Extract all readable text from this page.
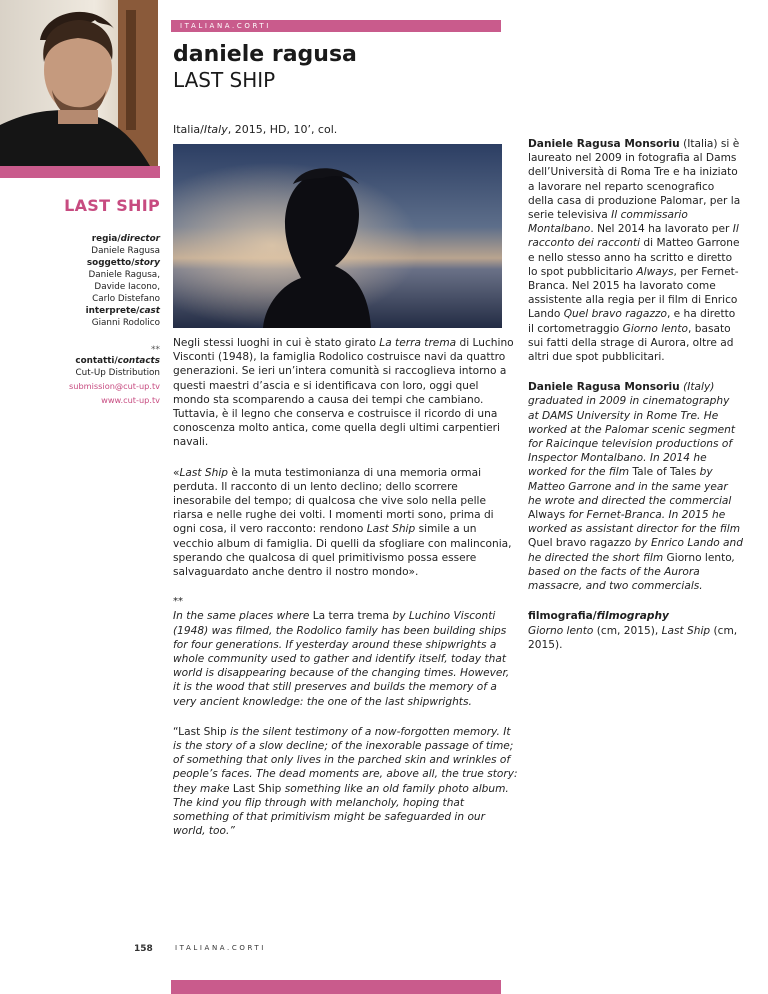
ITALIANA.CORTI
daniele ragusa
LAST SHIP
Italia/Italy, 2015, HD, 10’, col.
LAST SHIP
regia/director
Daniele Ragusa
soggetto/story
Daniele Ragusa,
Davide Iacono,
Carlo Distefano
interprete/cast
Gianni Rodolico
**
contatti/contacts
Cut-Up Distribution
submission@cut-up.tv
www.cut-up.tv

Negli stessi luoghi in cui è stato girato La terra trema di Luchino Visconti (1948), la famiglia Rodolico costruisce navi da quattro generazioni. Se ieri un’intera comunità si raccoglieva intorno a questi maestri d’ascia e si identificava con loro, oggi quel mondo sta scomparendo a causa dei tempi che cambiano. Tuttavia, è il legno che conserva e costruisce il ricordo di una conoscenza molto antica, come quella degli ultimi carpentieri navali.

«Last Ship è la muta testimonianza di una memoria ormai perduta. Il racconto di un lento declino; dello scorrere inesorabile del tempo; di qualcosa che vive solo nella pelle riarsa e nelle rughe dei volti. I momenti morti sono, prima di ogni cosa, il vero racconto: rendono Last Ship simile a un vecchio album di famiglia. Di quelli da sfogliare con malinconia, sperando che qualcosa di quel primitivismo possa essere salvaguardato anche dentro il nostro mondo».

**

In the same places where La terra trema by Luchino Visconti (1948) was filmed, the Rodolico family has been building ships for four generations. If yesterday around these shipwrights a whole community used to gather and identify itself, today that world is disappearing because of the changing times. However, it is the wood that still preserves and builds the memory of a very ancient knowledge: the one of the last shipwrights.

“Last Ship is the silent testimony of a now-forgotten memory. It is the story of a slow decline; of the inexorable passage of time; of something that only lives in the parched skin and wrinkles of people’s faces. The dead moments are, above all, the true story: they make Last Ship something like an old family photo album. The kind you flip through with melancholy, hoping that something of that primitivism might be safeguarded in our world, too.”

Daniele Ragusa Monsoriu (Italia) si è laureato nel 2009 in fotografia al Dams dell’Università di Roma Tre e ha iniziato a lavorare nel reparto scenografico della casa di produzione Palomar, per la serie televisiva Il commissario Montalbano. Nel 2014 ha lavorato per Il racconto dei racconti di Matteo Garrone e nello stesso anno ha scritto e diretto lo spot pubblicitario Always, per Fernet-Branca. Nel 2015 ha lavorato come assistente alla regia per il film di Enrico Lando Quel bravo ragazzo, e ha diretto il cortometraggio Giorno lento, basato sui fatti della strage di Aurora, oltre ad altri due spot pubblicitari.

Daniele Ragusa Monsoriu (Italy) graduated in 2009 in cinematography at DAMS University in Rome Tre. He worked at the Palomar scenic segment for Raicinque television productions of Inspector Montalbano. In 2014 he worked for the film Tale of Tales by Matteo Garrone and in the same year he wrote and directed the commercial Always for Fernet-Branca. In 2015 he worked as assistant director for the film Quel bravo ragazzo by Enrico Lando and he directed the short film Giorno lento, based on the facts of the Aurora massacre, and two commercials.

filmografia/filmography

Giorno lento (cm, 2015), Last Ship (cm, 2015).

158	ITALIANA.CORTI
